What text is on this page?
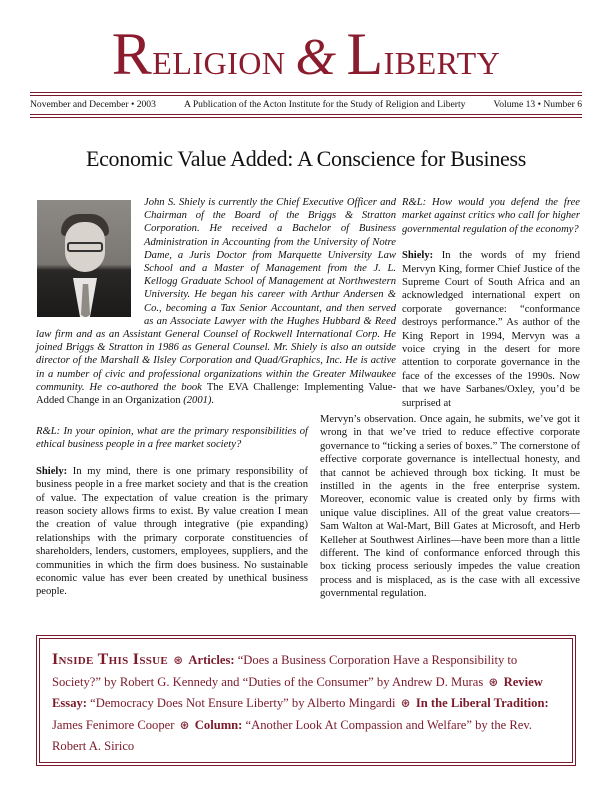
Religion & Liberty
November and December • 2003	A Publication of the Acton Institute for the Study of Religion and Liberty	Volume 13 • Number 6
Economic Value Added: A Conscience for Business
John S. Shiely is currently the Chief Executive Officer and Chairman of the Board of the Briggs & Stratton Corporation. He received a Bachelor of Business Administration in Accounting from the University of Notre Dame, a Juris Doctor from Marquette University Law School and a Master of Management from the J. L. Kellogg Graduate School of Management at Northwestern University. He began his career with Arthur Andersen & Co., becoming a Tax Senior Accountant, and then served as an Associate Lawyer with the Hughes Hubbard & Reed law firm and as an Assistant General Counsel of Rockwell International Corp. He joined Briggs & Stratton in 1986 as General Counsel. Mr. Shiely is also an outside director of the Marshall & Ilsley Corporation and Quad/Graphics, Inc. He is active in a number of civic and professional organizations within the Greater Milwaukee community. He co-authored the book The EVA Challenge: Implementing Value-Added Change in an Organization (2001).

R&L: In your opinion, what are the primary responsibilities of ethical business people in a free market society?

Shiely: In my mind, there is one primary responsibility of business people in a free market society and that is the creation of value. The expectation of value creation is the primary reason society allows firms to exist. By value creation I mean the creation of value through integrative (pie expanding) relationships with the primary corporate constituencies of shareholders, lenders, customers, employees, suppliers, and the communities in which the firm does business. No sustainable economic value has ever been created by unethical business people.

R&L: How would you defend the free market against critics who call for higher governmental regulation of the economy?

Shiely: In the words of my friend Mervyn King, former Chief Justice of the Supreme Court of South Africa and an acknowledged international expert on corporate governance: “conformance destroys performance.” As author of the King Report in 1994, Mervyn was a voice crying in the desert for more attention to corporate governance in the face of the excesses of the 1990s. Now that we have Sarbanes/Oxley, you’d be surprised at

Mervyn’s observation. Once again, he submits, we’ve got it wrong in that we’ve tried to reduce effective corporate governance to “ticking a series of boxes.” The cornerstone of effective corporate governance is intellectual honesty, and that cannot be achieved through box ticking. It must be instilled in the agents in the free enterprise system. Moreover, economic value is created only by firms with unique value disciplines. All of the great value creators—Sam Walton at Wal-Mart, Bill Gates at Microsoft, and Herb Kelleher at Southwest Airlines—have been more than a little different. The kind of conformance enforced through this box ticking process seriously impedes the value creation process and is misplaced, as is the case with all excessive governmental regulation.

Inside This Issue ⊛ Articles: “Does a Business Corporation Have a Responsibility to Society?” by Robert G. Kennedy and “Duties of the Consumer” by Andrew D. Muras ⊛ Review Essay: “Democracy Does Not Ensure Liberty” by Alberto Mingardi ⊛ In the Liberal Tradition: James Fenimore Cooper ⊛ Column: “Another Look At Compassion and Welfare” by the Rev. Robert A. Sirico
